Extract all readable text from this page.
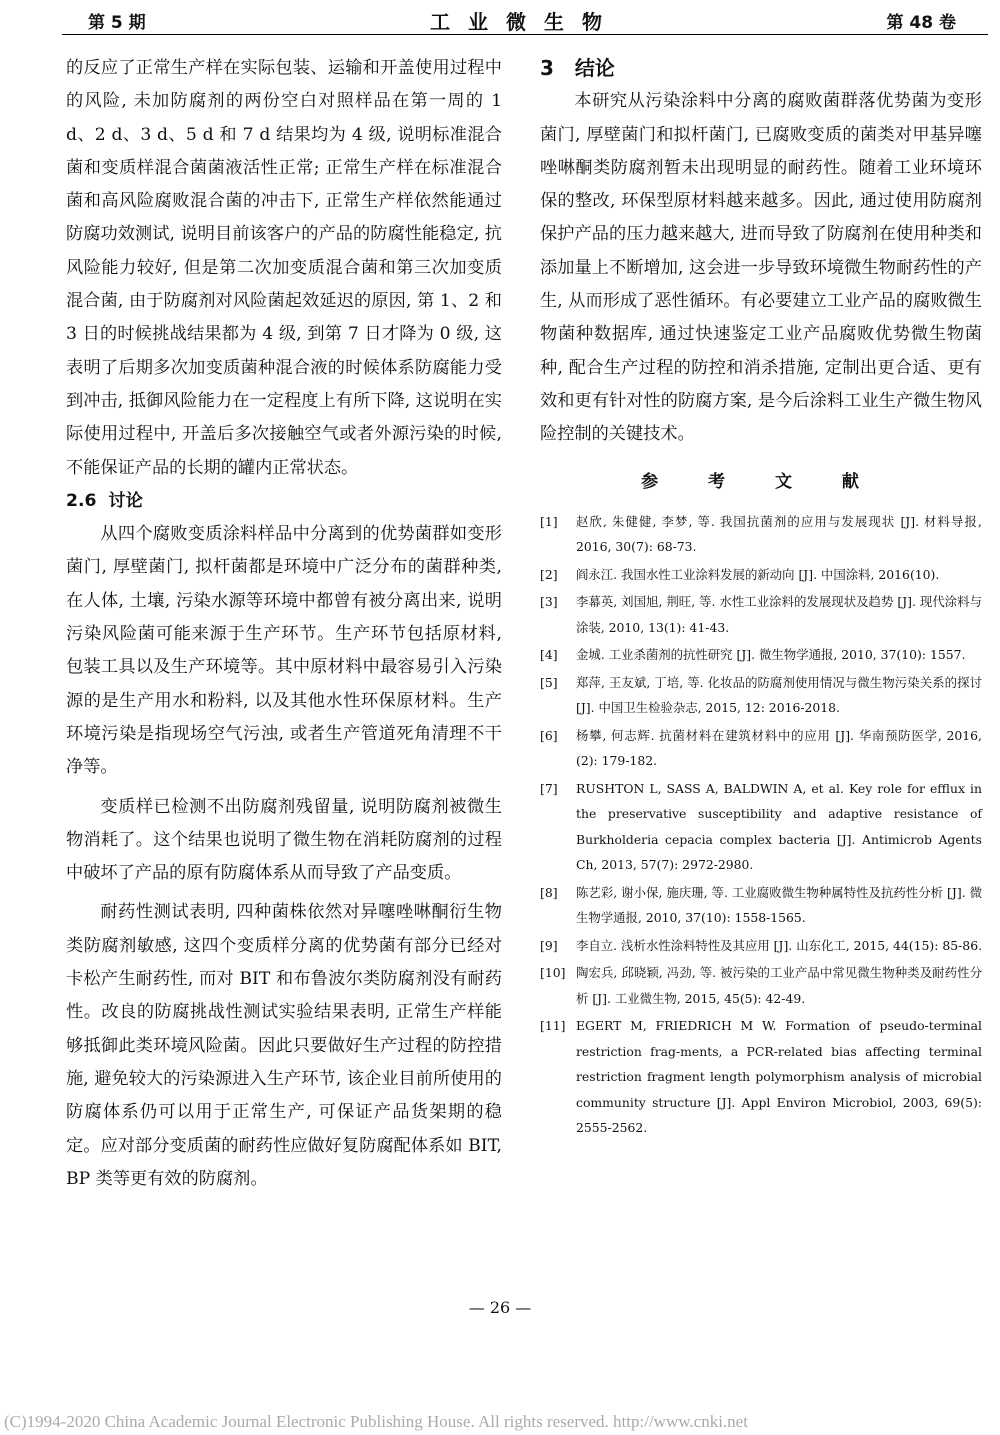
第 5 期	工业微生物	第 48 卷

的反应了正常生产样在实际包装、运输和开盖使用过程中的风险, 未加防腐剂的两份空白对照样品在第一周的 1 d、2 d、3 d、5 d 和 7 d 结果均为 4 级, 说明标准混合菌和变质样混合菌菌液活性正常; 正常生产样在标准混合菌和高风险腐败混合菌的冲击下, 正常生产样依然能通过防腐功效测试, 说明目前该客户的产品的防腐性能稳定, 抗风险能力较好, 但是第二次加变质混合菌和第三次加变质混合菌, 由于防腐剂对风险菌起效延迟的原因, 第 1、2 和 3 日的时候挑战结果都为 4 级, 到第 7 日才降为 0 级, 这表明了后期多次加变质菌种混合液的时候体系防腐能力受到冲击, 抵御风险能力在一定程度上有所下降, 这说明在实际使用过程中, 开盖后多次接触空气或者外源污染的时候, 不能保证产品的长期的罐内正常状态。

2.6 讨论

从四个腐败变质涂料样品中分离到的优势菌群如变形菌门, 厚壁菌门, 拟杆菌都是环境中广泛分布的菌群种类, 在人体, 土壤, 污染水源等环境中都曾有被分离出来, 说明污染风险菌可能来源于生产环节。生产环节包括原材料, 包装工具以及生产环境等。其中原材料中最容易引入污染源的是生产用水和粉料, 以及其他水性环保原材料。生产环境污染是指现场空气污浊, 或者生产管道死角清理不干净等。

变质样已检测不出防腐剂残留量, 说明防腐剂被微生物消耗了。这个结果也说明了微生物在消耗防腐剂的过程中破坏了产品的原有防腐体系从而导致了产品变质。

耐药性测试表明, 四种菌株依然对异噻唑啉酮衍生物类防腐剂敏感, 这四个变质样分离的优势菌有部分已经对卡松产生耐药性, 而对 BIT 和布鲁波尔类防腐剂没有耐药性。改良的防腐挑战性测试实验结果表明, 正常生产样能够抵御此类环境风险菌。因此只要做好生产过程的防控措施, 避免较大的污染源进入生产环节, 该企业目前所使用的防腐体系仍可以用于正常生产, 可保证产品货架期的稳定。应对部分变质菌的耐药性应做好复防腐配体系如 BIT, BP 类等更有效的防腐剂。

3 结论

本研究从污染涂料中分离的腐败菌群落优势菌为变形菌门, 厚壁菌门和拟杆菌门, 已腐败变质的菌类对甲基异噻唑啉酮类防腐剂暂未出现明显的耐药性。随着工业环境环保的整改, 环保型原材料越来越多。因此, 通过使用防腐剂保护产品的压力越来越大, 进而导致了防腐剂在使用种类和添加量上不断增加, 这会进一步导致环境微生物耐药性的产生, 从而形成了恶性循环。有必要建立工业产品的腐败微生物菌种数据库, 通过快速鉴定工业产品腐败优势微生物菌种, 配合生产过程的防控和消杀措施, 定制出更合适、更有效和更有针对性的防腐方案, 是今后涂料工业生产微生物风险控制的关键技术。

参 考 文 献
[1]	赵欣, 朱健健, 李梦, 等. 我国抗菌剂的应用与发展现状 [J]. 材料导报, 2016, 30(7): 68-73.
[2]	阎永江. 我国水性工业涂料发展的新动向 [J]. 中国涂料, 2016(10).
[3]	李幕英, 刘国旭, 荆旺, 等. 水性工业涂料的发展现状及趋势 [J]. 现代涂料与涂装, 2010, 13(1): 41-43.
[4]	金城. 工业杀菌剂的抗性研究 [J]. 微生物学通报, 2010, 37(10): 1557.
[5]	郑萍, 王友斌, 丁培, 等. 化妆品的防腐剂使用情况与微生物污染关系的探讨 [J]. 中国卫生检验杂志, 2015, 12: 2016-2018.
[6]	杨攀, 何志辉. 抗菌材料在建筑材料中的应用 [J]. 华南预防医学, 2016, (2): 179-182.
[7]	RUSHTON L, SASS A, BALDWIN A, et al. Key role for efflux in the preservative susceptibility and adaptive resistance of Burkholderia cepacia complex bacteria [J]. Antimicrob Agents Ch, 2013, 57(7): 2972-2980.
[8]	陈艺彩, 谢小保, 施庆珊, 等. 工业腐败微生物种属特性及抗药性分析 [J]. 微生物学通报, 2010, 37(10): 1558-1565.
[9]	李自立. 浅析水性涂料特性及其应用 [J]. 山东化工, 2015, 44(15): 85-86.
[10] 陶宏兵, 邱晓颖, 冯劲, 等. 被污染的工业产品中常见微生物种类及耐药性分析 [J]. 工业微生物, 2015, 45(5): 42-49.
[11] EGERT M, FRIEDRICH M W. Formation of pseudo-terminal restriction frag-ments, a PCR-related bias affecting terminal restriction fragment length polymorphism analysis of microbial community structure [J]. Appl Environ Microbiol, 2003, 69(5): 2555-2562.
— 26 —
(C)1994-2020 China Academic Journal Electronic Publishing House. All rights reserved. http://www.cnki.net
